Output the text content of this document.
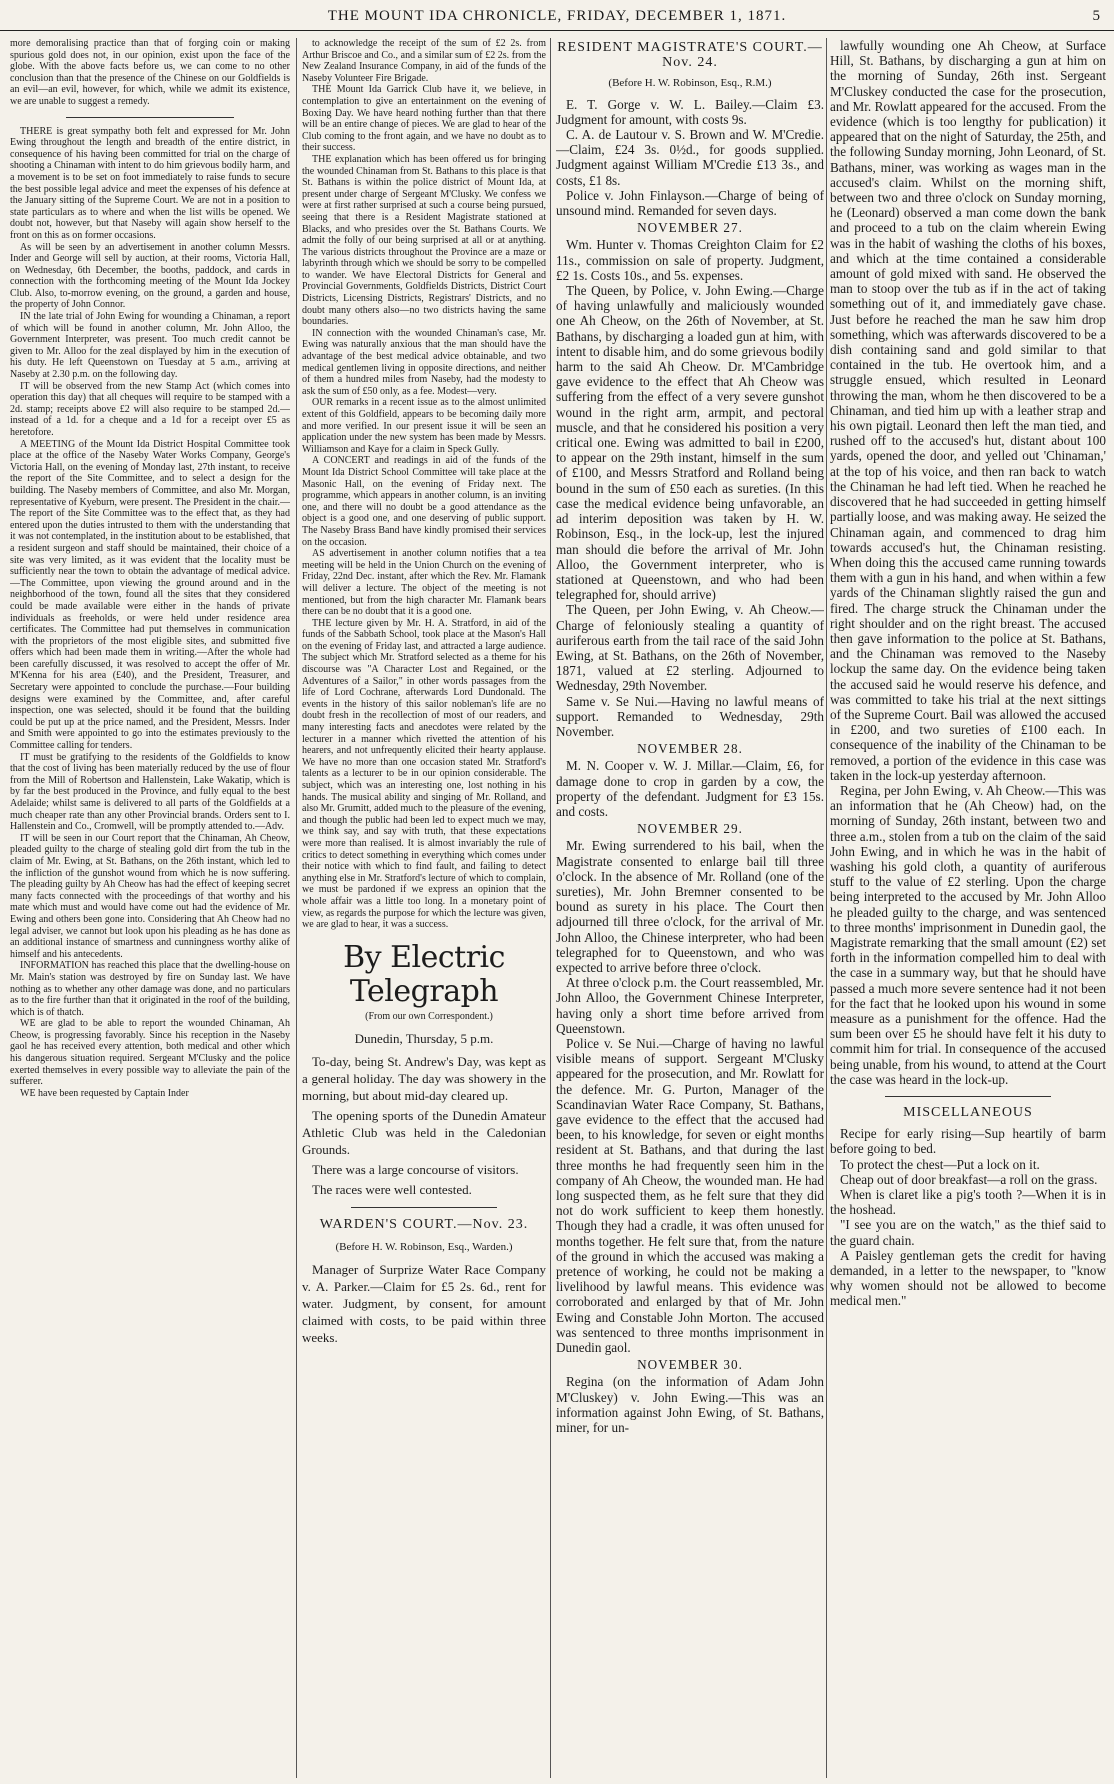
THE MOUNT IDA CHRONICLE, FRIDAY, DECEMBER 1, 1871.	5

more demoralising practice than that of forging coin or making spurious gold does not, in our opinion, exist upon the face of the globe. With the above facts before us, we can come to no other conclusion than that the presence of the Chinese on our Goldfields is an evil—an evil, however, for which, while we admit its existence, we are unable to suggest a remedy.

THERE is great sympathy both felt and expressed for Mr. John Ewing throughout the length and breadth of the entire district, in consequence of his having been committed for trial on the charge of shooting a Chinaman with intent to do him grievous bodily harm, and a movement is to be set on foot immediately to raise funds to secure the best possible legal advice and meet the expenses of his defence at the January sitting of the Supreme Court. We are not in a position to state particulars as to where and when the list wills be opened. We doubt not, however, but that Naseby will again show herself to the front on this as on former occasions.

As will be seen by an advertisement in another column Messrs. Inder and George will sell by auction, at their rooms, Victoria Hall, on Wednesday, 6th December, the booths, paddock, and cards in connection with the forthcoming meeting of the Mount Ida Jockey Club. Also, to-morrow evening, on the ground, a garden and house, the property of John Connor.

IN the late trial of John Ewing for wounding a Chinaman, a report of which will be found in another column, Mr. John Alloo, the Government Interpreter, was present. Too much credit cannot be given to Mr. Alloo for the zeal displayed by him in the execution of his duty. He left Queenstown on Tuesday at 5 a.m., arriving at Naseby at 2.30 p.m. on the following day.

IT will be observed from the new Stamp Act (which comes into operation this day) that all cheques will require to be stamped with a 2d. stamp; receipts above £2 will also require to be stamped 2d.—instead of a 1d. for a cheque and a 1d for a receipt over £5 as heretofore.

A MEETING of the Mount Ida District Hospital Committee took place at the office of the Naseby Water Works Company, George's Victoria Hall, on the evening of Monday last, 27th instant, to receive the report of the Site Committee, and to select a design for the building. The Naseby members of Committee, and also Mr. Morgan, representative of Kyeburn, were present. The President in the chair.—The report of the Site Committee was to the effect that, as they had entered upon the duties intrusted to them with the understanding that it was not contemplated, in the institution about to be established, that a resident surgeon and staff should be maintained, their choice of a site was very limited, as it was evident that the locality must be sufficiently near the town to obtain the advantage of medical advice.—The Committee, upon viewing the ground around and in the neighborhood of the town, found all the sites that they considered could be made available were either in the hands of private individuals as freeholds, or were held under residence area certificates. The Committee had put themselves in communication with the proprietors of the most eligible sites, and submitted five offers which had been made them in writing.—After the whole had been carefully discussed, it was resolved to accept the offer of Mr. M'Kenna for his area (£40), and the President, Treasurer, and Secretary were appointed to conclude the purchase.—Four building designs were examined by the Committee, and, after careful inspection, one was selected, should it be found that the building could be put up at the price named, and the President, Messrs. Inder and Smith were appointed to go into the estimates previously to the Committee calling for tenders.

IT must be gratifying to the residents of the Goldfields to know that the cost of living has been materially reduced by the use of flour from the Mill of Robertson and Hallenstein, Lake Wakatip, which is by far the best produced in the Province, and fully equal to the best Adelaide; whilst same is delivered to all parts of the Goldfields at a much cheaper rate than any other Provincial brands. Orders sent to I. Hallenstein and Co., Cromwell, will be promptly attended to.—Adv.

IT will be seen in our Court report that the Chinaman, Ah Cheow, pleaded guilty to the charge of stealing gold dirt from the tub in the claim of Mr. Ewing, at St. Bathans, on the 26th instant, which led to the infliction of the gunshot wound from which he is now suffering. The pleading guilty by Ah Cheow has had the effect of keeping secret many facts connected with the proceedings of that worthy and his mate which must and would have come out had the evidence of Mr. Ewing and others been gone into. Considering that Ah Cheow had no legal adviser, we cannot but look upon his pleading as he has done as an additional instance of smartness and cunningness worthy alike of himself and his antecedents.

INFORMATION has reached this place that the dwelling-house on Mr. Main's station was destroyed by fire on Sunday last. We have nothing as to whether any other damage was done, and no particulars as to the fire further than that it originated in the roof of the building, which is of thatch.

WE are glad to be able to report the wounded Chinaman, Ah Cheow, is progressing favorably. Since his reception in the Naseby gaol he has received every attention, both medical and other which his dangerous situation required. Sergeant M'Clusky and the police exerted themselves in every possible way to alleviate the pain of the sufferer.

WE have been requested by Captain Inder

to acknowledge the receipt of the sum of £2 2s. from Arthur Briscoe and Co., and a similar sum of £2 2s. from the New Zealand Insurance Company, in aid of the funds of the Naseby Volunteer Fire Brigade.

THE Mount Ida Garrick Club have it, we believe, in contemplation to give an entertainment on the evening of Boxing Day. We have heard nothing further than that there will be an entire change of pieces. We are glad to hear of the Club coming to the front again, and we have no doubt as to their success.

THE explanation which has been offered us for bringing the wounded Chinaman from St. Bathans to this place is that St. Bathans is within the police district of Mount Ida, at present under charge of Sergeant M'Clusky. We confess we were at first rather surprised at such a course being pursued, seeing that there is a Resident Magistrate stationed at Blacks, and who presides over the St. Bathans Courts. We admit the folly of our being surprised at all or at anything. The various districts throughout the Province are a maze or labyrinth through which we should be sorry to be compelled to wander. We have Electoral Districts for General and Provincial Governments, Goldfields Districts, District Court Districts, Licensing Districts, Registrars' Districts, and no doubt many others also—no two districts having the same boundaries.

IN connection with the wounded Chinaman's case, Mr. Ewing was naturally anxious that the man should have the advantage of the best medical advice obtainable, and two medical gentlemen living in opposite directions, and neither of them a hundred miles from Naseby, had the modesty to ask the sum of £50 only, as a fee. Modest—very.

OUR remarks in a recent issue as to the almost unlimited extent of this Goldfield, appears to be becoming daily more and more verified. In our present issue it will be seen an application under the new system has been made by Messrs. Williamson and Kaye for a claim in Speck Gully.

A CONCERT and readings in aid of the funds of the Mount Ida District School Committee will take place at the Masonic Hall, on the evening of Friday next. The programme, which appears in another column, is an inviting one, and there will no doubt be a good attendance as the object is a good one, and one deserving of public support. The Naseby Brass Band have kindly promised their services on the occasion.

AS advertisement in another column notifies that a tea meeting will be held in the Union Church on the evening of Friday, 22nd Dec. instant, after which the Rev. Mr. Flamank will deliver a lecture. The object of the meeting is not mentioned, but from the high character Mr. Flamank bears there can be no doubt that it is a good one.

THE lecture given by Mr. H. A. Stratford, in aid of the funds of the Sabbath School, took place at the Mason's Hall on the evening of Friday last, and attracted a large audience. The subject which Mr. Stratford selected as a theme for his discourse was "A Character Lost and Regained, or the Adventures of a Sailor," in other words passages from the life of Lord Cochrane, afterwards Lord Dundonald. The events in the history of this sailor nobleman's life are no doubt fresh in the recollection of most of our readers, and many interesting facts and anecdotes were related by the lecturer in a manner which rivetted the attention of his hearers, and not unfrequently elicited their hearty applause. We have no more than one occasion stated Mr. Stratford's talents as a lecturer to be in our opinion considerable. The subject, which was an interesting one, lost nothing in his hands. The musical ability and singing of Mr. Rolland, and also Mr. Grumitt, added much to the pleasure of the evening, and though the public had been led to expect much we may, we think say, and say with truth, that these expectations were more than realised. It is almost invariably the rule of critics to detect something in everything which comes under their notice with which to find fault, and failing to detect anything else in Mr. Stratford's lecture of which to complain, we must be pardoned if we express an opinion that the whole affair was a little too long. In a monetary point of view, as regards the purpose for which the lecture was given, we are glad to hear, it was a success.

By Electric Telegraph

(From our own Correspondent.)

Dunedin, Thursday, 5 p.m.

To-day, being St. Andrew's Day, was kept as a general holiday. The day was showery in the morning, but about mid-day cleared up.

The opening sports of the Dunedin Amateur Athletic Club was held in the Caledonian Grounds.

There was a large concourse of visitors.

The races were well contested.

WARDEN'S COURT.—Nov. 23.

(Before H. W. Robinson, Esq., Warden.)

Manager of Surprize Water Race Company v. A. Parker.—Claim for £5 2s. 6d., rent for water. Judgment, by consent, for amount claimed with costs, to be paid within three weeks.

RESIDENT MAGISTRATE'S COURT.—Nov. 24.

(Before H. W. Robinson, Esq., R.M.)

E. T. Gorge v. W. L. Bailey.—Claim £3. Judgment for amount, with costs 9s.

C. A. de Lautour v. S. Brown and W. M'Credie.—Claim, £24 3s. 0½d., for goods supplied. Judgment against William M'Credie £13 3s., and costs, £1 8s.

Police v. John Finlayson.—Charge of being of unsound mind. Remanded for seven days.

NOVEMBER 27.

Wm. Hunter v. Thomas Creighton Claim for £2 11s., commission on sale of property. Judgment, £2 1s. Costs 10s., and 5s. expenses.

The Queen, by Police, v. John Ewing.—Charge of having unlawfully and maliciously wounded one Ah Cheow, on the 26th of November, at St. Bathans, by discharging a loaded gun at him, with intent to disable him, and do some grievous bodily harm to the said Ah Cheow. Dr. M'Cambridge gave evidence to the effect that Ah Cheow was suffering from the effect of a very severe gunshot wound in the right arm, armpit, and pectoral muscle, and that he considered his position a very critical one. Ewing was admitted to bail in £200, to appear on the 29th instant, himself in the sum of £100, and Messrs Stratford and Rolland being bound in the sum of £50 each as sureties. (In this case the medical evidence being unfavorable, an ad interim deposition was taken by H. W. Robinson, Esq., in the lock-up, lest the injured man should die before the arrival of Mr. John Alloo, the Government interpreter, who is stationed at Queenstown, and who had been telegraphed for, should arrive)

The Queen, per John Ewing, v. Ah Cheow.—Charge of feloniously stealing a quantity of auriferous earth from the tail race of the said John Ewing, at St. Bathans, on the 26th of November, 1871, valued at £2 sterling. Adjourned to Wednesday, 29th November.

Same v. Se Nui.—Having no lawful means of support. Remanded to Wednesday, 29th November.

NOVEMBER 28.

M. N. Cooper v. W. J. Millar.—Claim, £6, for damage done to crop in garden by a cow, the property of the defendant. Judgment for £3 15s. and costs.

NOVEMBER 29.

Mr. Ewing surrendered to his bail, when the Magistrate consented to enlarge bail till three o'clock. In the absence of Mr. Rolland (one of the sureties), Mr. John Bremner consented to be bound as surety in his place. The Court then adjourned till three o'clock, for the arrival of Mr. John Alloo, the Chinese interpreter, who had been telegraphed for to Queenstown, and who was expected to arrive before three o'clock.

At three o'clock p.m. the Court reassembled, Mr. John Alloo, the Government Chinese Interpreter, having only a short time before arrived from Queenstown.

Police v. Se Nui.—Charge of having no lawful visible means of support. Sergeant M'Clusky appeared for the prosecution, and Mr. Rowlatt for the defence. Mr. G. Purton, Manager of the Scandinavian Water Race Company, St. Bathans, gave evidence to the effect that the accused had been, to his knowledge, for seven or eight months resident at St. Bathans, and that during the last three months he had frequently seen him in the company of Ah Cheow, the wounded man. He had long suspected them, as he felt sure that they did not do work sufficient to keep them honestly. Though they had a cradle, it was often unused for months together. He felt sure that, from the nature of the ground in which the accused was making a pretence of working, he could not be making a livelihood by lawful means. This evidence was corroborated and enlarged by that of Mr. John Ewing and Constable John Morton. The accused was sentenced to three months imprisonment in Dunedin gaol.

NOVEMBER 30.

Regina (on the information of Adam John M'Cluskey) v. John Ewing.—This was an information against John Ewing, of St. Bathans, miner, for un-

lawfully wounding one Ah Cheow, at Surface Hill, St. Bathans, by discharging a gun at him on the morning of Sunday, 26th inst. Sergeant M'Cluskey conducted the case for the prosecution, and Mr. Rowlatt appeared for the accused. From the evidence (which is too lengthy for publication) it appeared that on the night of Saturday, the 25th, and the following Sunday morning, John Leonard, of St. Bathans, miner, was working as wages man in the accused's claim. Whilst on the morning shift, between two and three o'clock on Sunday morning, he (Leonard) observed a man come down the bank and proceed to a tub on the claim wherein Ewing was in the habit of washing the cloths of his boxes, and which at the time contained a considerable amount of gold mixed with sand. He observed the man to stoop over the tub as if in the act of taking something out of it, and immediately gave chase. Just before he reached the man he saw him drop something, which was afterwards discovered to be a dish containing sand and gold similar to that contained in the tub. He overtook him, and a struggle ensued, which resulted in Leonard throwing the man, whom he then discovered to be a Chinaman, and tied him up with a leather strap and his own pigtail. Leonard then left the man tied, and rushed off to the accused's hut, distant about 100 yards, opened the door, and yelled out 'Chinaman,' at the top of his voice, and then ran back to watch the Chinaman he had left tied. When he reached he discovered that he had succeeded in getting himself partially loose, and was making away. He seized the Chinaman again, and commenced to drag him towards accused's hut, the Chinaman resisting. When doing this the accused came running towards them with a gun in his hand, and when within a few yards of the Chinaman slightly raised the gun and fired. The charge struck the Chinaman under the right shoulder and on the right breast. The accused then gave information to the police at St. Bathans, and the Chinaman was removed to the Naseby lockup the same day. On the evidence being taken the accused said he would reserve his defence, and was committed to take his trial at the next sittings of the Supreme Court. Bail was allowed the accused in £200, and two sureties of £100 each. In consequence of the inability of the Chinaman to be removed, a portion of the evidence in this case was taken in the lock-up yesterday afternoon.

Regina, per John Ewing, v. Ah Cheow.—This was an information that he (Ah Cheow) had, on the morning of Sunday, 26th instant, between two and three a.m., stolen from a tub on the claim of the said John Ewing, and in which he was in the habit of washing his gold cloth, a quantity of auriferous stuff to the value of £2 sterling. Upon the charge being interpreted to the accused by Mr. John Alloo he pleaded guilty to the charge, and was sentenced to three months' imprisonment in Dunedin gaol, the Magistrate remarking that the small amount (£2) set forth in the information compelled him to deal with the case in a summary way, but that he should have passed a much more severe sentence had it not been for the fact that he looked upon his wound in some measure as a punishment for the offence. Had the sum been over £5 he should have felt it his duty to commit him for trial. In consequence of the accused being unable, from his wound, to attend at the Court the case was heard in the lock-up.

MISCELLANEOUS

Recipe for early rising—Sup heartily of barm before going to bed.

To protect the chest—Put a lock on it.

Cheap out of door breakfast—a roll on the grass.

When is claret like a pig's tooth ?—When it is in the hoshead.

"I see you are on the watch," as the thief said to the guard chain.

A Paisley gentleman gets the credit for having demanded, in a letter to the newspaper, to "know why women should not be allowed to become medical men."
